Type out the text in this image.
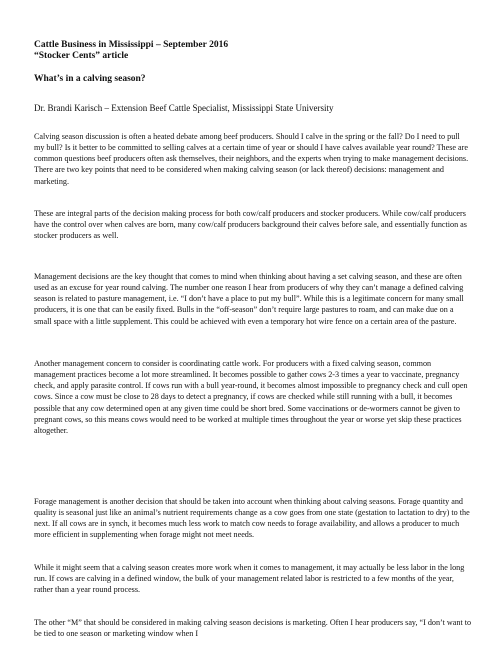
Cattle Business in Mississippi – September 2016
“Stocker Cents” article
What’s in a calving season?
Dr. Brandi Karisch – Extension Beef Cattle Specialist, Mississippi State University

Calving season discussion is often a heated debate among beef producers. Should I calve in the spring or the fall? Do I need to pull my bull? Is it better to be committed to selling calves at a certain time of year or should I have calves available year round? These are common questions beef producers often ask themselves, their neighbors, and the experts when trying to make management decisions. There are two key points that need to be considered when making calving season (or lack thereof) decisions: management and marketing.

These are integral parts of the decision making process for both cow/calf producers and stocker producers. While cow/calf producers have the control over when calves are born, many cow/calf producers background their calves before sale, and essentially function as stocker producers as well.

Management decisions are the key thought that comes to mind when thinking about having a set calving season, and these are often used as an excuse for year round calving. The number one reason I hear from producers of why they can’t manage a defined calving season is related to pasture management, i.e. “I don’t have a place to put my bull”. While this is a legitimate concern for many small producers, it is one that can be easily fixed. Bulls in the “off-season” don’t require large pastures to roam, and can make due on a small space with a little supplement. This could be achieved with even a temporary hot wire fence on a certain area of the pasture.

Another management concern to consider is coordinating cattle work. For producers with a fixed calving season, common management practices become a lot more streamlined. It becomes possible to gather cows 2-3 times a year to vaccinate, pregnancy check, and apply parasite control. If cows run with a bull year-round, it becomes almost impossible to pregnancy check and cull open cows. Since a cow must be close to 28 days to detect a pregnancy, if cows are checked while still running with a bull, it becomes possible that any cow determined open at any given time could be short bred. Some vaccinations or de-wormers cannot be given to pregnant cows, so this means cows would need to be worked at multiple times throughout the year or worse yet skip these practices altogether.

Forage management is another decision that should be taken into account when thinking about calving seasons. Forage quantity and quality is seasonal just like an animal’s nutrient requirements change as a cow goes from one state (gestation to lactation to dry) to the next. If all cows are in synch, it becomes much less work to match cow needs to forage availability, and allows a producer to much more efficient in supplementing when forage might not meet needs.

While it might seem that a calving season creates more work when it comes to management, it may actually be less labor in the long run. If cows are calving in a defined window, the bulk of your management related labor is restricted to a few months of the year, rather than a year round process.

The other “M” that should be considered in making calving season decisions is marketing. Often I hear producers say, “I don’t want to be tied to one season or marketing window when I
